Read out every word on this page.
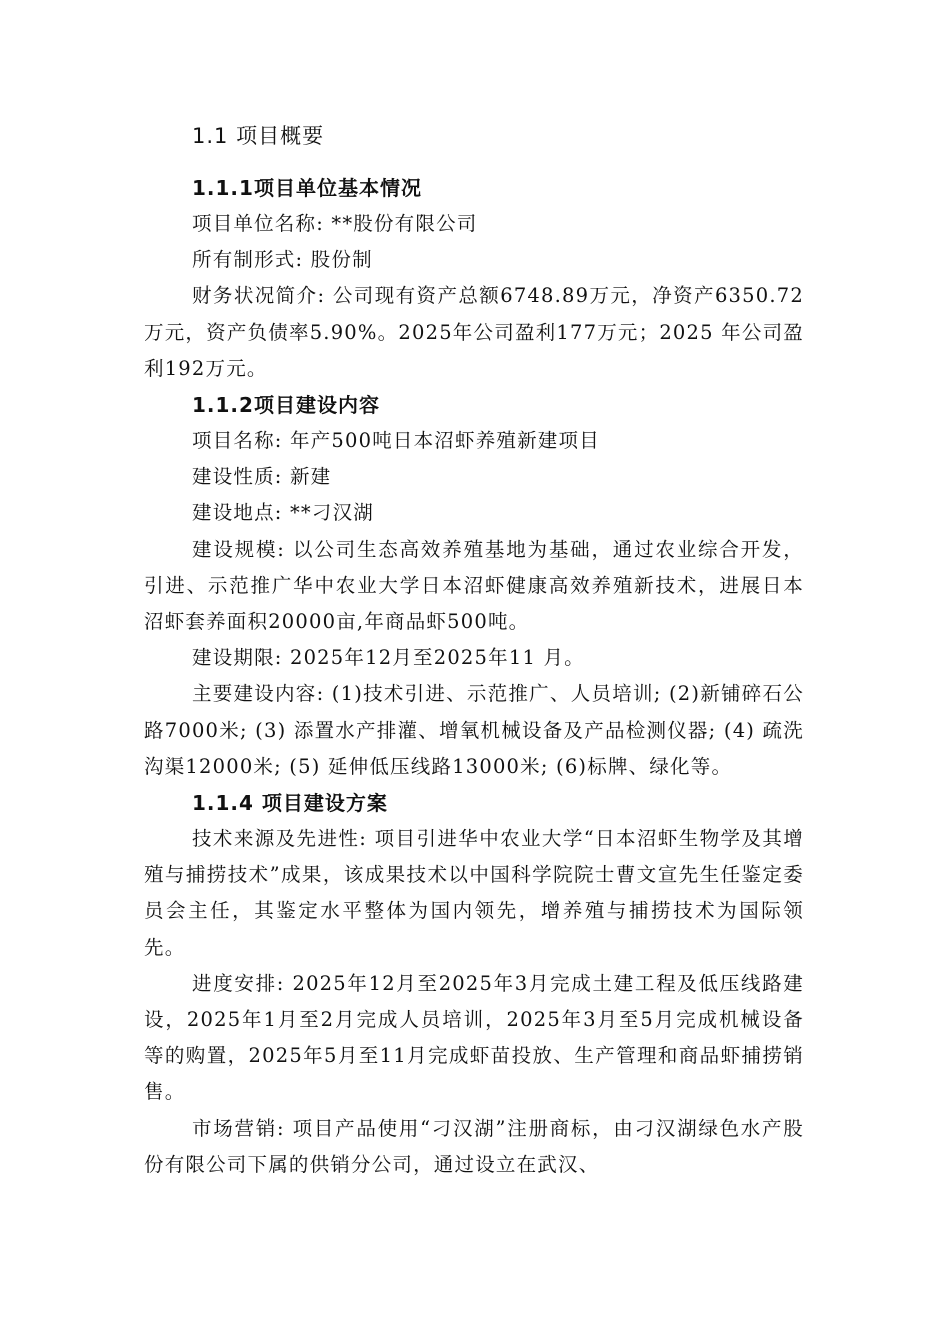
1.1 项目概要
1.1.1项目单位基本情况

项目单位名称: **股份有限公司

所有制形式: 股份制

财务状况简介: 公司现有资产总额6748.89万元，净资产6350.72万元，资产负债率5.90%。2025年公司盈利177万元；2025 年公司盈利192万元。

1.1.2项目建设内容

项目名称: 年产500吨日本沼虾养殖新建项目

建设性质: 新建

建设地点: **刁汉湖

建设规模: 以公司生态高效养殖基地为基础，通过农业综合开发，引进、示范推广华中农业大学日本沼虾健康高效养殖新技术，进展日本沼虾套养面积20000亩,年商品虾500吨。

建设期限: 2025年12月至2025年11 月。

主要建设内容: (1)技术引进、示范推广、人员培训; (2)新铺碎石公路7000米; (3) 添置水产排灌、增氧机械设备及产品检测仪器; (4) 疏洗沟渠12000米; (5) 延伸低压线路13000米; (6)标牌、绿化等。

1.1.4 项目建设方案

技术来源及先进性: 项目引进华中农业大学“日本沼虾生物学及其增殖与捕捞技术”成果，该成果技术以中国科学院院士曹文宣先生任鉴定委员会主任，其鉴定水平整体为国内领先，增养殖与捕捞技术为国际领先。

进度安排: 2025年12月至2025年3月完成土建工程及低压线路建设，2025年1月至2月完成人员培训，2025年3月至5月完成机械设备等的购置，2025年5月至11月完成虾苗投放、生产管理和商品虾捕捞销售。

市场营销: 项目产品使用“刁汉湖”注册商标，由刁汉湖绿色水产股份有限公司下属的供销分公司，通过设立在武汉、
